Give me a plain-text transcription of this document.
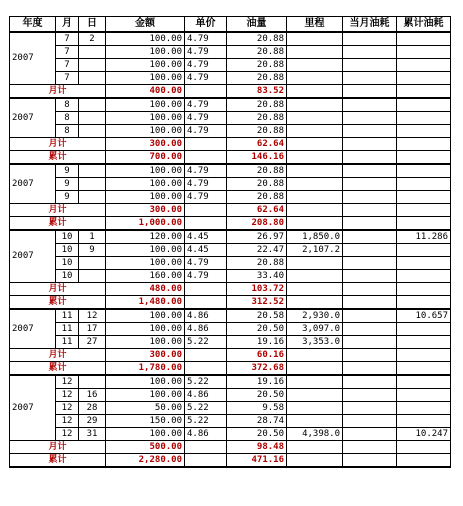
年度	月	日	金额	单价	油量	里程	当月油耗	累计油耗
2007	7	2	100.00	4.79	20.88			
	7		100.00	4.79	20.88			
	7		100.00	4.79	20.88			
	7		100.00	4.79	20.88			
月计			400.00		83.52			
2007	8		100.00	4.79	20.88			
	8		100.00	4.79	20.88			
	8		100.00	4.79	20.88			
月计			300.00		62.64			
累计			700.00		146.16			
2007	9		100.00	4.79	20.88			
	9		100.00	4.79	20.88			
	9		100.00	4.79	20.88			
月计			300.00		62.64			
累计			1,000.00		208.80			
2007	10	1	120.00	4.45	26.97	1,850.0		11.286
	10	9	100.00	4.45	22.47	2,107.2		
	10		100.00	4.79	20.88			
	10		160.00	4.79	33.40			
月计			480.00		103.72			
累计			1,480.00		312.52			
2007	11	12	100.00	4.86	20.58	2,930.0		10.657
	11	17	100.00	4.86	20.50	3,097.0		
	11	27	100.00	5.22	19.16	3,353.0		
月计			300.00		60.16			
累计			1,780.00		372.68			
2007	12		100.00	5.22	19.16			
	12	16	100.00	4.86	20.50			
	12	28	50.00	5.22	9.58			
	12	29	150.00	5.22	28.74			
	12	31	100.00	4.86	20.50	4,398.0		10.247
月计			500.00		98.48			
累计			2,280.00		471.16			
